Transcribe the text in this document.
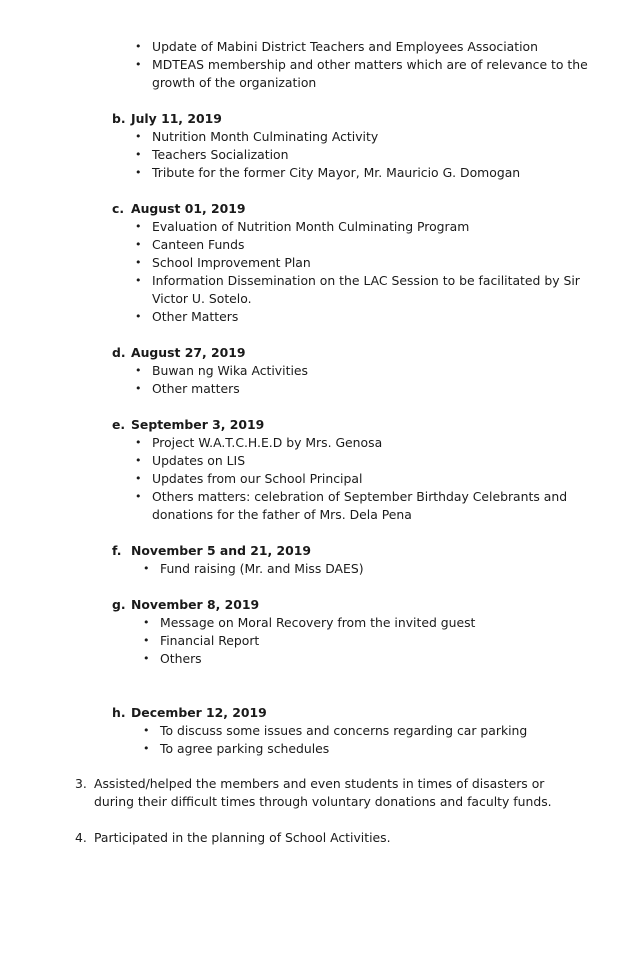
• Update of Mabini District Teachers and Employees Association
• MDTEAS membership and other matters which are of relevance to the growth of the organization
b. July 11, 2019
• Nutrition Month Culminating Activity
• Teachers Socialization
• Tribute for the former City Mayor, Mr. Mauricio G. Domogan
c. August 01, 2019
• Evaluation of Nutrition Month Culminating Program
• Canteen Funds
• School Improvement Plan
• Information Dissemination on the LAC Session to be facilitated by Sir Victor U. Sotelo.
• Other Matters
d. August 27, 2019
• Buwan ng Wika Activities
• Other matters
e. September 3, 2019
• Project W.A.T.C.H.E.D by Mrs. Genosa
• Updates on LIS
• Updates from our School Principal
• Others matters: celebration of September Birthday Celebrants and donations for the father of Mrs. Dela Pena
f. November 5 and 21, 2019
• Fund raising (Mr. and Miss DAES)
g. November 8, 2019
• Message on Moral Recovery from the invited guest
• Financial Report
• Others
h. December 12, 2019
• To discuss some issues and concerns regarding car parking
• To agree parking schedules
3. Assisted/helped the members and even students in times of disasters or during their difficult times through voluntary donations and faculty funds.
4. Participated in the planning of School Activities.
